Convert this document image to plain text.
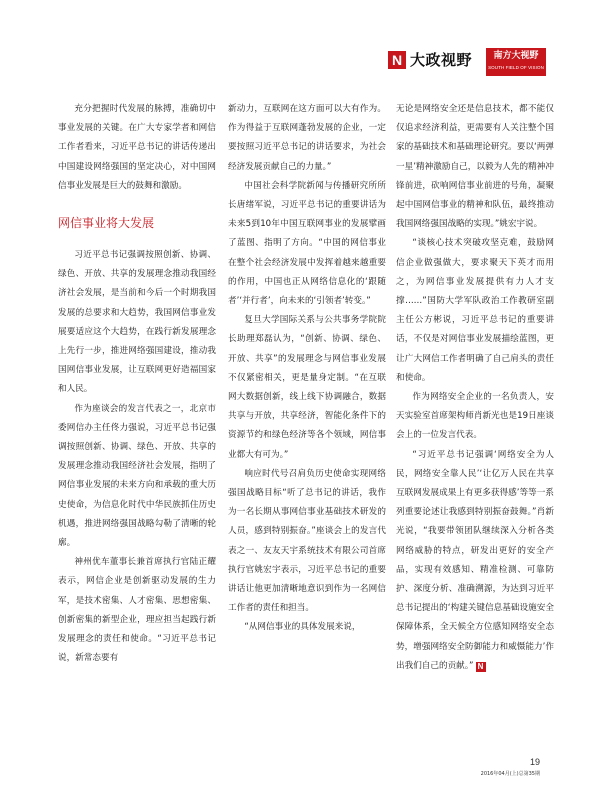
N 大政视野	南方大视野
SOUTH FIELD OF VISION

充分把握时代发展的脉搏，准确切中事业发展的关键。在广大专家学者和网信工作者看来，习近平总书记的讲话传递出中国建设网络强国的坚定决心，对中国网信事业发展是巨大的鼓舞和激励。

网信事业将大发展

习近平总书记强调按照创新、协调、绿色、开放、共享的发展理念推动我国经济社会发展，是当前和今后一个时期我国发展的总要求和大趋势，我国网信事业发展要适应这个大趋势，在践行新发展理念上先行一步，推进网络强国建设，推动我国网信事业发展，让互联网更好造福国家和人民。

作为座谈会的发言代表之一，北京市委网信办主任佟力强说，习近平总书记强调按照创新、协调、绿色、开放、共享的发展理念推动我国经济社会发展，指明了网信事业发展的未来方向和承载的重大历史使命，为信息化时代中华民族抓住历史机遇，推进网络强国战略勾勒了清晰的轮廓。

神州优车董事长兼首席执行官陆正耀表示，网信企业是创新驱动发展的生力军，是技术密集、人才密集、思想密集、创新密集的新型企业，理应担当起践行新发展理念的责任和使命。“习近平总书记说，新常态要有

新动力，互联网在这方面可以大有作为。作为得益于互联网蓬勃发展的企业，一定要按照习近平总书记的讲话要求，为社会经济发展贡献自己的力量。”

中国社会科学院新闻与传播研究所所长唐绪军说，习近平总书记的重要讲话为未来5到10年中国互联网事业的发展擘画了蓝图、指明了方向。“中国的网信事业在整个社会经济发展中发挥着越来越重要的作用，中国也正从网络信息化的‘跟随者’‘并行者’，向未来的‘引领者’转变。”

复旦大学国际关系与公共事务学院院长助理郑磊认为，“创新、协调、绿色、开放、共享”的发展理念与网信事业发展不仅紧密相关，更是量身定制。“在互联网大数据创新，线上线下协调融合，数据共享与开放，共享经济，智能化条件下的资源节约和绿色经济等各个领域，网信事业都大有可为。”

响应时代号召肩负历史使命实现网络强国战略目标“听了总书记的讲话，我作为一名长期从事网信事业基础技术研发的人员，感到特别振奋。”座谈会上的发言代表之一、友友天宇系统技术有限公司首席执行官姚宏宇表示，习近平总书记的重要讲话让他更加清晰地意识到作为一名网信工作者的责任和担当。

“从网信事业的具体发展来说，

无论是网络安全还是信息技术，都不能仅仅追求经济利益，更需要有人关注整个国家的基础技术和基础理论研究。要以‘两弹一星’精神激励自己，以毅为人先的精神冲锋前进，砍响网信事业前进的号角，凝聚起中国网信事业的精神和队伍，最终推动我国网络强国战略的实现。”姚宏宇说。

“谈核心技术突破攻坚克难，鼓励网信企业做强做大，要求聚天下英才而用之，为网信事业发展提供有力人才支撑……”国防大学军队政治工作教研室副主任公方彬说，习近平总书记的重要讲话，不仅是对网信事业发展描绘蓝图，更让广大网信工作者明确了自己肩头的责任和使命。

作为网络安全企业的一名负责人，安天实验室首席架构师肖新光也是19日座谈会上的一位发言代表。

“习近平总书记强调‘网络安全为人民，网络安全靠人民’‘让亿万人民在共享互联网发展成果上有更多获得感’等等一系列重要论述让我感到特别振奋鼓舞。”肖新光说，“我要带领团队继续深入分析各类网络威胁的特点，研发出更好的安全产品，实现有效感知、精准检测、可靠防护、深度分析、准确溯源，为达到习近平总书记提出的‘构建关键信息基础设施安全保障体系，全天候全方位感知网络安全态势，增强网络安全防御能力和威慑能力’作出我们自己的贡献。” N

19
2016年04月(上)总第35期
